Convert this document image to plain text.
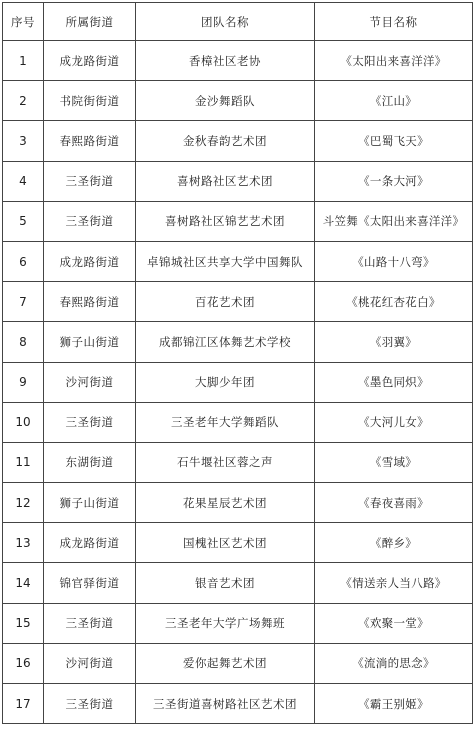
序号	所属街道	团队名称	节目名称
1	成龙路街道	香樟社区老协	《太阳出来喜洋洋》
2	书院街街道	金沙舞蹈队	《江山》
3	春熙路街道	金秋春韵艺术团	《巴蜀飞天》
4	三圣街道	喜树路社区艺术团	《一条大河》
5	三圣街道	喜树路社区锦艺艺术团	斗笠舞《太阳出来喜洋洋》
6	成龙路街道	卓锦城社区共享大学中国舞队	《山路十八弯》
7	春熙路街道	百花艺术团	《桃花红杏花白》
8	狮子山街道	成都锦江区体舞艺术学校	《羽翼》
9	沙河街道	大脚少年团	《墨色同炽》
10	三圣街道	三圣老年大学舞蹈队	《大河儿女》
11	东湖街道	石牛堰社区蓉之声	《雪域》
12	狮子山街道	花果星辰艺术团	《春夜喜雨》
13	成龙路街道	国槐社区艺术团	《醉乡》
14	锦官驿街道	银音艺术团	《情送亲人当八路》
15	三圣街道	三圣老年大学广场舞班	《欢聚一堂》
16	沙河街道	爱你起舞艺术团	《流淌的思念》
17	三圣街道	三圣街道喜树路社区艺术团	《霸王别姬》
